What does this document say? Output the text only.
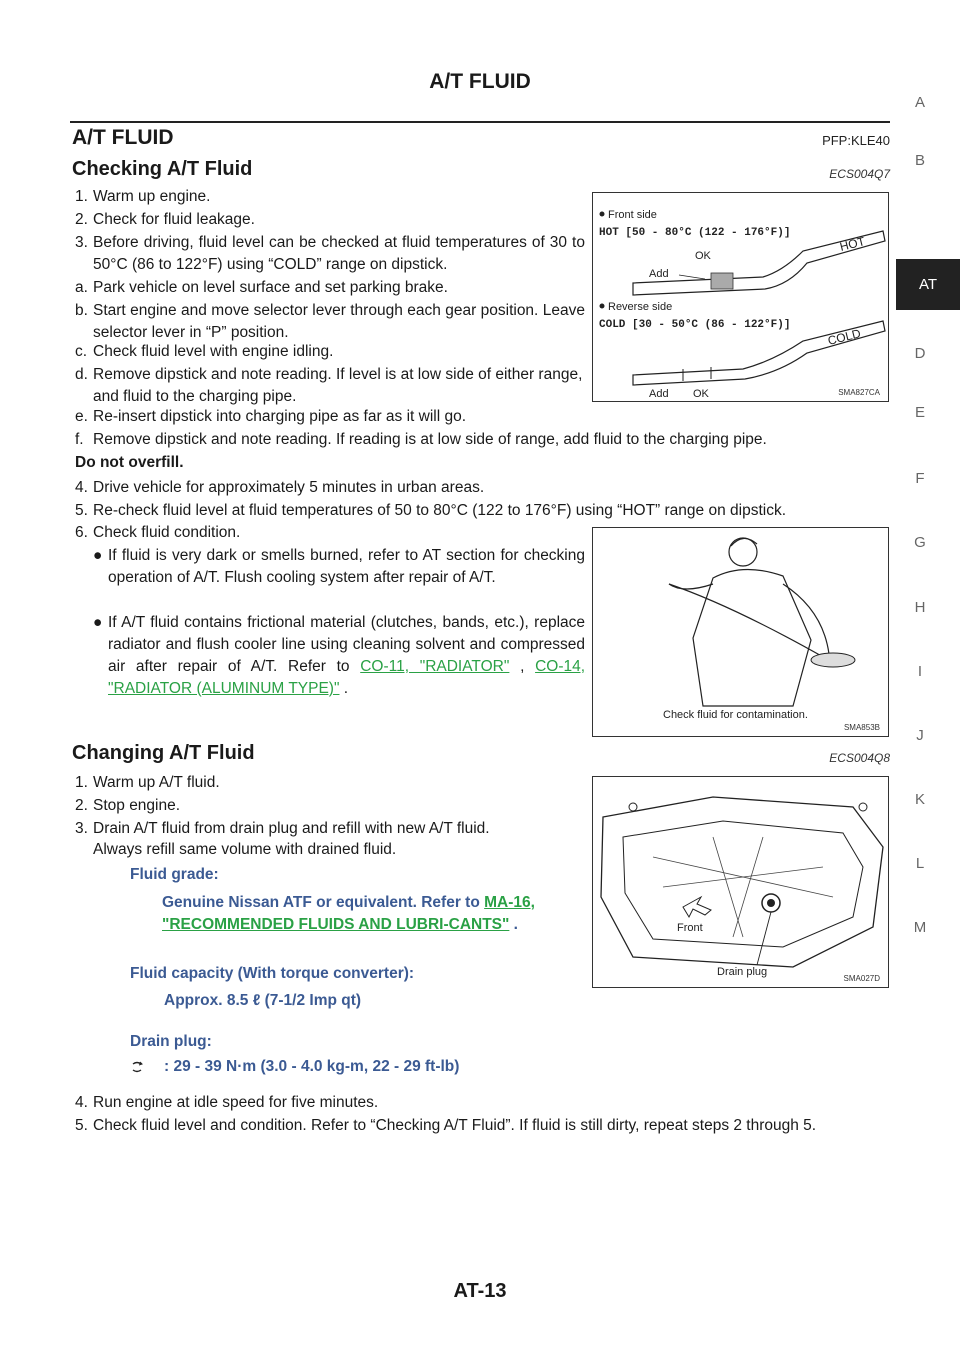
A/T FLUID
A/T FLUID	PFP:KLE40
Checking A/T Fluid	ECS004Q7
1. Warm up engine.
2. Check for fluid leakage.
3. Before driving, fluid level can be checked at fluid temperatures of 30 to 50°C (86 to 122°F) using “COLD” range on dipstick.
a. Park vehicle on level surface and set parking brake.
b. Start engine and move selector lever through each gear position. Leave selector lever in “P” position.
c. Check fluid level with engine idling.
d. Remove dipstick and note reading. If level is at low side of either range, and fluid to the charging pipe.
e. Re-insert dipstick into charging pipe as far as it will go.
f. Remove dipstick and note reading. If reading is at low side of range, add fluid to the charging pipe.
Do not overfill.
4. Drive vehicle for approximately 5 minutes in urban areas.
5. Re-check fluid level at fluid temperatures of 50 to 80°C (122 to 176°F) using “HOT” range on dipstick.
6. Check fluid condition.
● If fluid is very dark or smells burned, refer to AT section for checking operation of A/T. Flush cooling system after repair of A/T.
● If A/T fluid contains frictional material (clutches, bands, etc.), replace radiator and flush cooler line using cleaning solvent and compressed air after repair of A/T. Refer to CO-11, "RADIATOR" , CO-14, "RADIATOR (ALUMINUM TYPE)" .
Front side
HOT [50 - 80°C (122 - 176°F)]
OK
Add
HOT
Reverse side
COLD [30 - 50°C (86 - 122°F)]
Add OK
COLD
SMA827CA
Check fluid for contamination.
SMA853B
Changing A/T Fluid	ECS004Q8
1. Warm up A/T fluid.
2. Stop engine.
3. Drain A/T fluid from drain plug and refill with new A/T fluid.
Always refill same volume with drained fluid.
Fluid grade:
Genuine Nissan ATF or equivalent. Refer to MA-16, "RECOMMENDED FLUIDS AND LUBRI-CANTS" .
Fluid capacity (With torque converter):
Approx. 8.5 ℓ (7-1/2 Imp qt)
Drain plug:
: 29 - 39 N·m (3.0 - 4.0 kg-m, 22 - 29 ft-lb)
4. Run engine at idle speed for five minutes.
5. Check fluid level and condition. Refer to “Checking A/T Fluid”. If fluid is still dirty, repeat steps 2 through 5.
Front
Drain plug
SMA027D
A
B
AT
D
E
F
G
H
I
J
K
L
M
AT-13
